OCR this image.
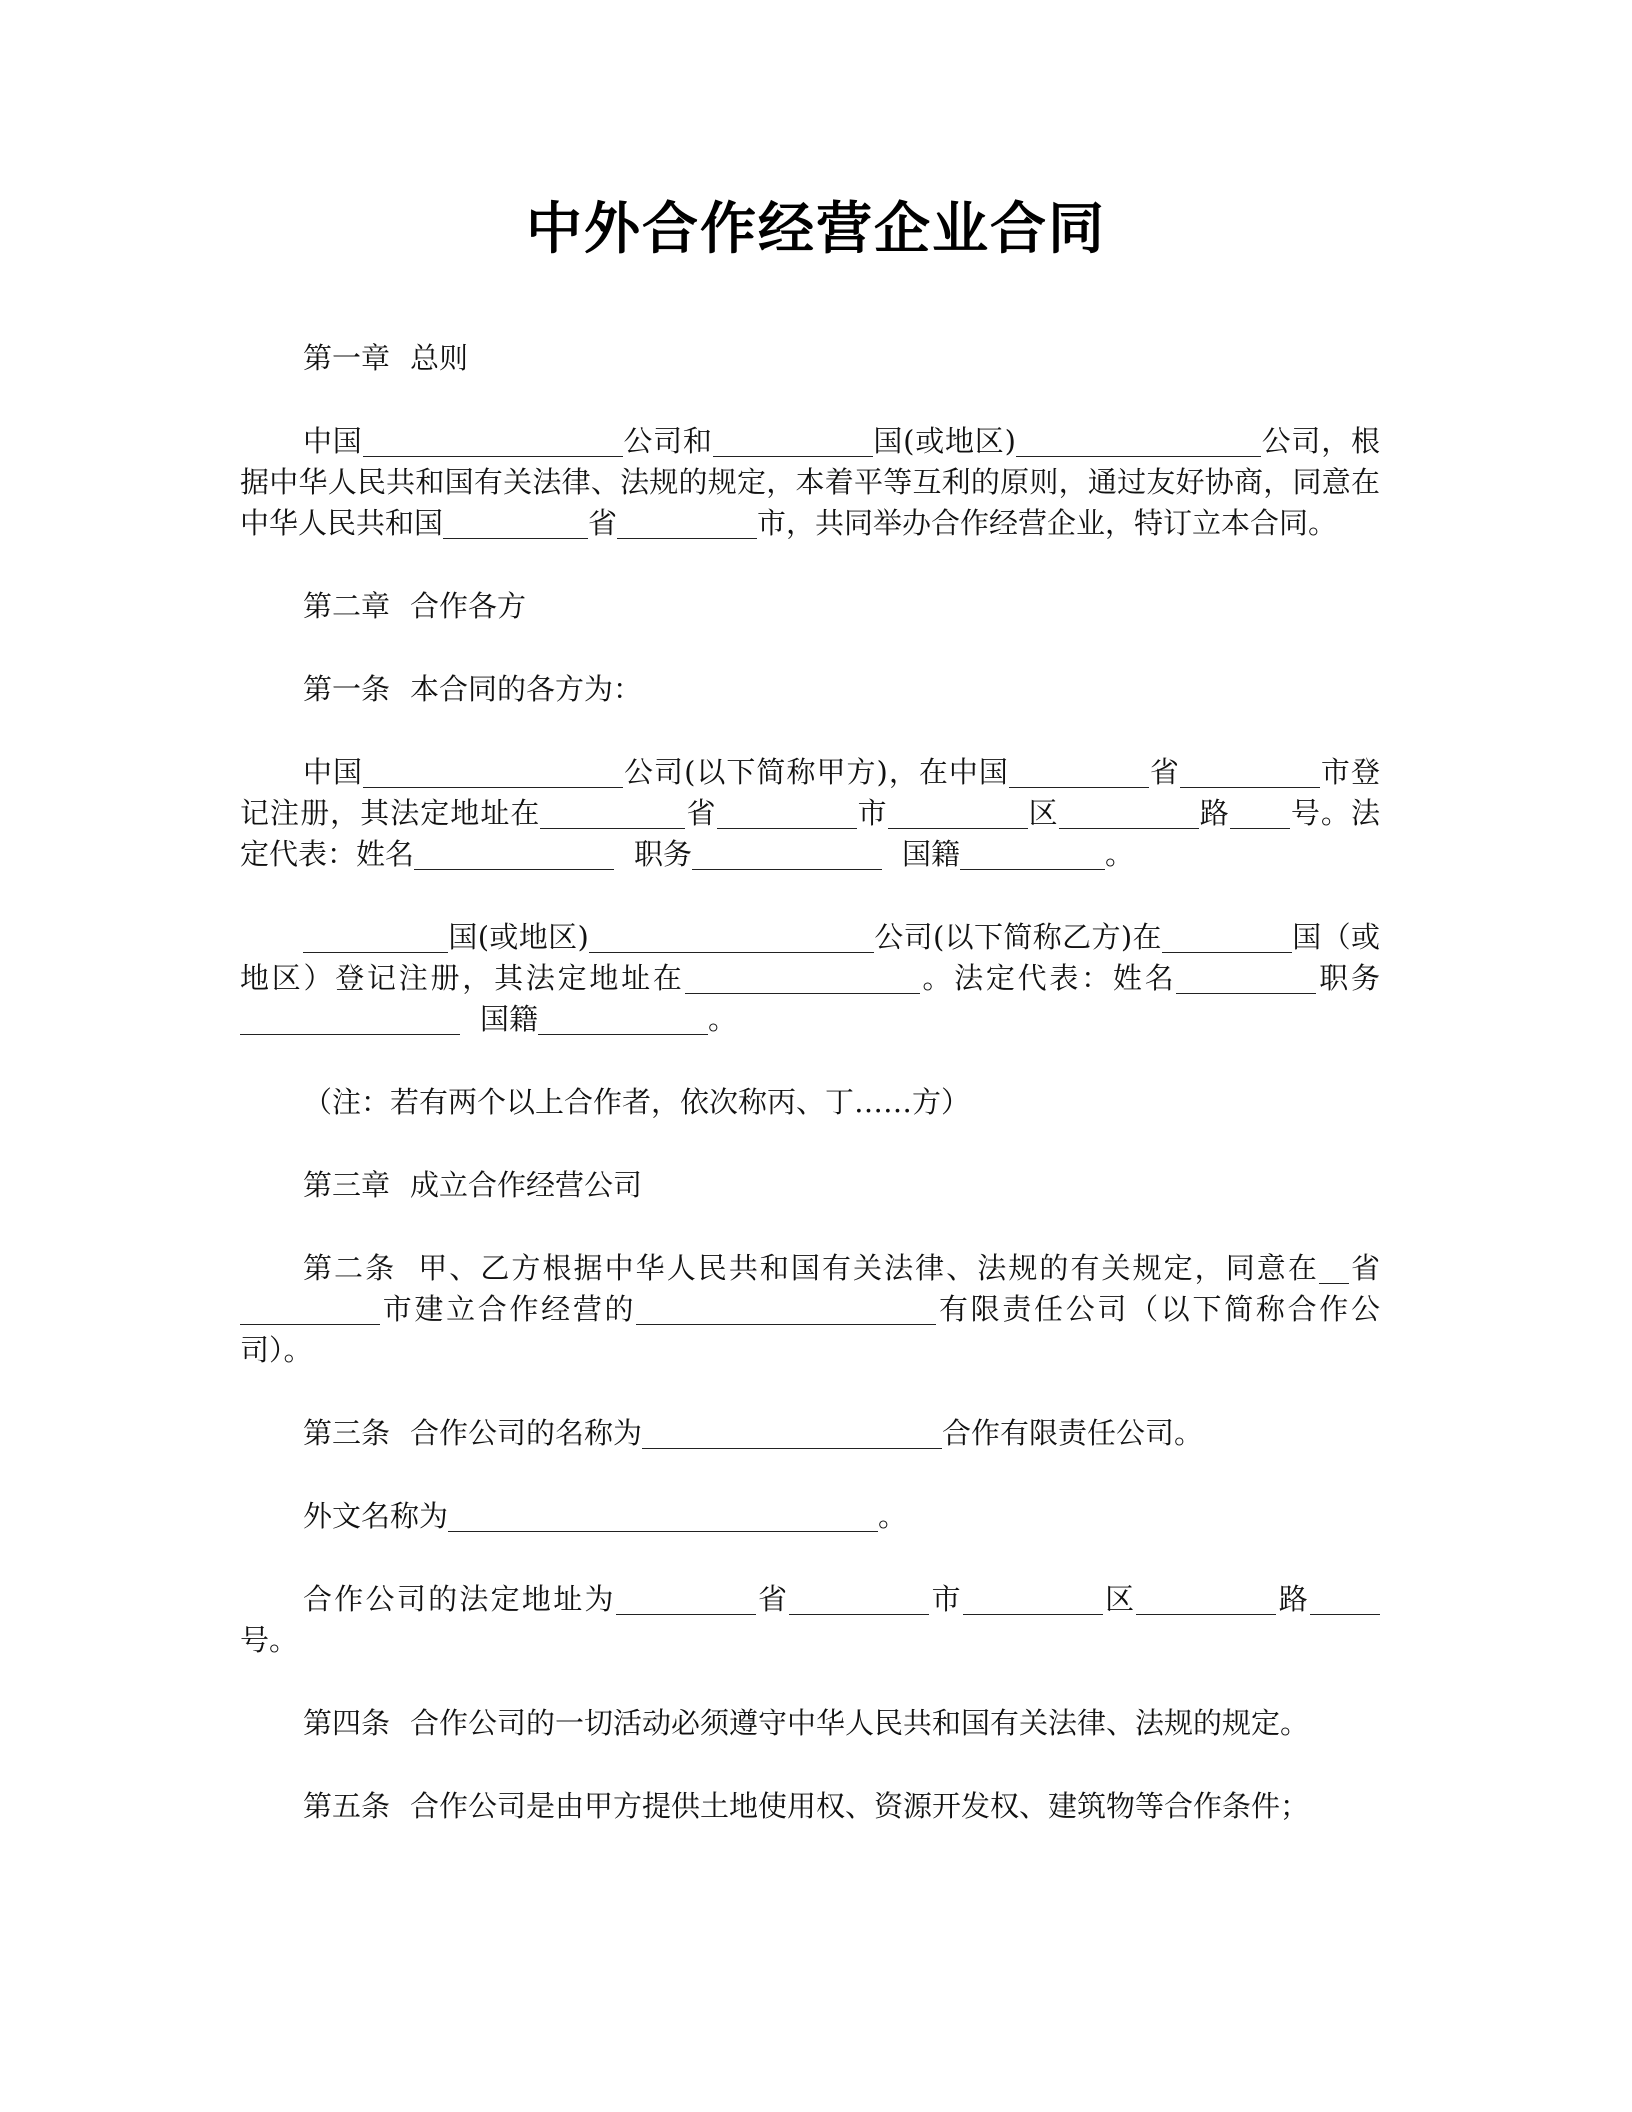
中外合作经营企业合同

第一章 总则

中国	公司和	国(或地区)	公司，根据中华人民共和国有关法律、法规的规定，本着平等互利的原则，通过友好协商，同意在中华人民共和国	省	市，共同举办合作经营企业，特订立本合同。

第二章 合作各方

第一条 本合同的各方为：

中国	公司(以下简称甲方)，在中国	省	市登记注册，其法定地址在	省	市	区	路 号。法定代表：姓名	职务	国籍	。

国(或地区)	公司(以下简称乙方)在	国（或地区）登记注册，其法定地址在	。法定代表：姓名	职务国籍	。

（注：若有两个以上合作者，依次称丙、丁……方）

第三章 成立合作经营公司

第二条 甲、乙方根据中华人民共和国有关法律、法规的有关规定，同意在 省市建立合作经营的	有限责任公司（以下简称合作公司）。

第三条 合作公司的名称为	合作有限责任公司。

外文名称为	。

合作公司的法定地址为	省	市	区	路号。

第四条 合作公司的一切活动必须遵守中华人民共和国有关法律、法规的规定。

第五条 合作公司是由甲方提供土地使用权、资源开发权、建筑物等合作条件；
